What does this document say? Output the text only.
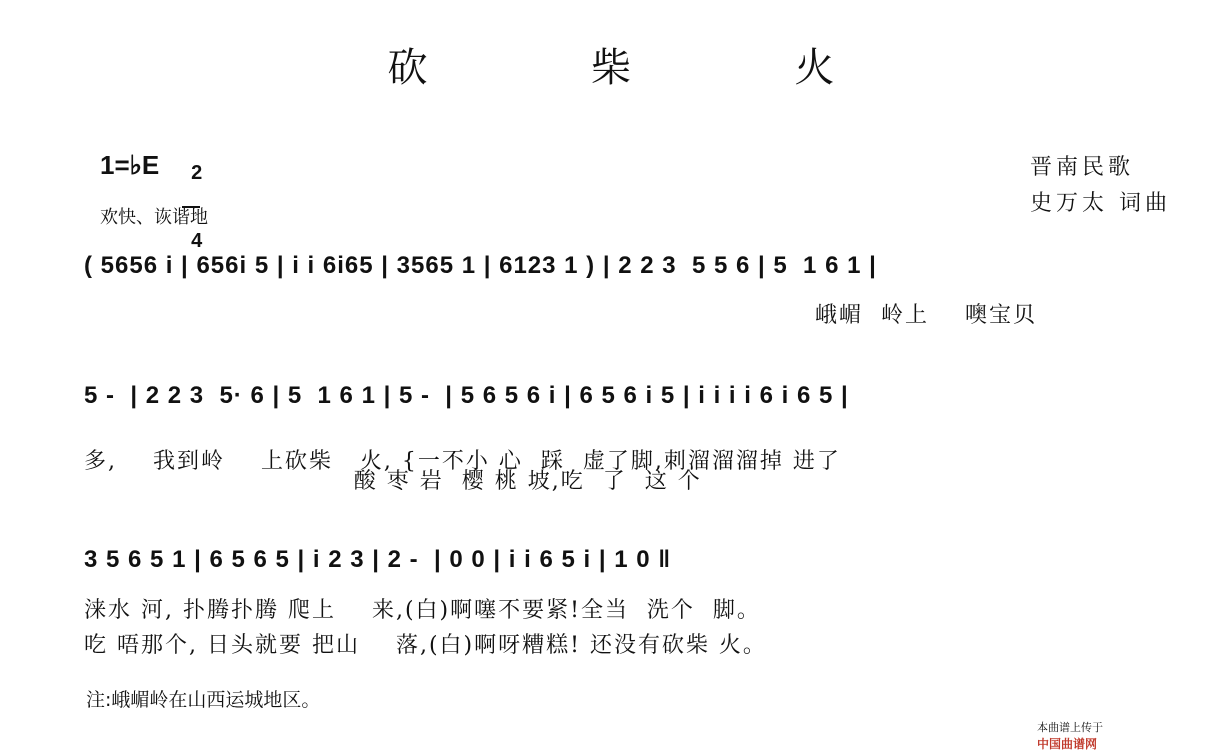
砍  柴  火
1=♭E	2

4

欢快、诙谐地
晋南民歌
史万太 词曲
( 5656 i | 656i 5 | i i 6i65 | 3565 1 | 6123 1 ) | 2 2 3  5 5 6 | 5  1 6 1 |
峨嵋  岭上    噢宝贝
5 -  | 2 2 3  5· 6 | 5  1 6 1 | 5 -  | 5 6 5 6 i | 6 5 6 i 5 | i i i i 6 i 6 5 |
多,    我到岭    上砍柴   火, {一不小 心  踩  虚了脚,刺溜溜溜掉 进了
酸 枣 岩  樱 桃 坡,吃  了  这 个
3 5 6 5 1 | 6 5 6 5 | i 2 3 | 2 -  | 0 0 | i i 6 5 i | 1 0 ‖
涞水 河, 扑腾扑腾 爬上    来,(白)啊噻不要紧!全当  洗个  脚。
吃 唔那个, 日头就要 把山    落,(白)啊呀糟糕! 还没有砍柴 火。
注:峨嵋岭在山西运城地区。

本曲谱上传于
中国曲谱网
